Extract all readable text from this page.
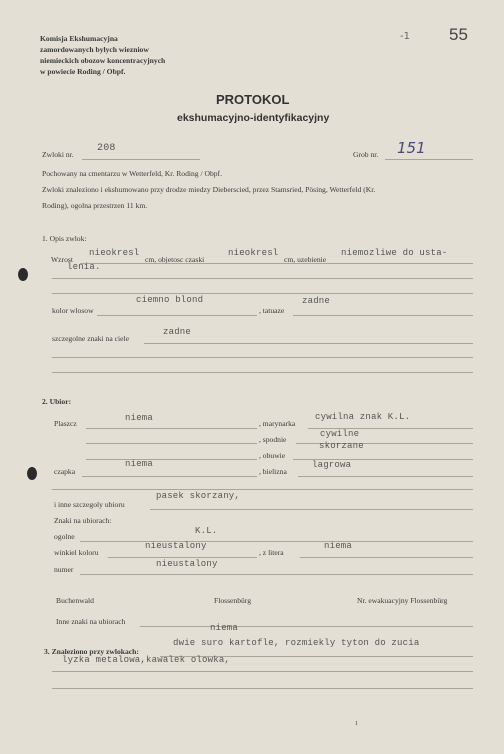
Komisja Ekshumacyjna
zamordowanych bylych wiezniow
niemieckich obozow koncentracyjnych
w powiecie Roding / Obpf.
-1 55
PROTOKOL
ekshumacyjno-identyfikacyjny
Zwloki nr.
208
Grob nr. 151
Pochowany na cmentarzu w Wetterfeld, Kr. Roding / Obpf.
Zwloki znaleziono i ekshumowano przy drodze miedzy Dieberscied, przez Stamsried, Pösing, Wetterfeld (Kr.
Roding), ogolna przestrzen 11 km.
1. Opis zwlok:
Wzrost
nieokresl
cm, objetosc czaski
nieokresl
cm, uzebienie
niemozliwe do usta-
lenia.
kolor wlosow
ciemno blond
, tatuaze
zadne
szczegolne znaki na ciele
zadne
2. Ubior:
Plaszcz
niema
, marynarka
cywilna znak K.L.
, spodnie
cywilne
skorzane
, obuwie
czapka
niema
, bielizna
lagrowa
i inne szczegoly ubioru
pasek skorzany,
Znaki na ubiorach:
ogolne
K.L.
winkiel koloru
nieustalony
, z litera
niema
numer
nieustalony
Buchenwald	Flossenbürg	Nr. ewakuacyjny Flossenbürg
Inne znaki na ubiorach
niema
3. Znaleziono przy zwlokach:
dwie suro kartofle, rozmiekly tyton do zucia
lyzka metalowa,kawalek olowka,
1
